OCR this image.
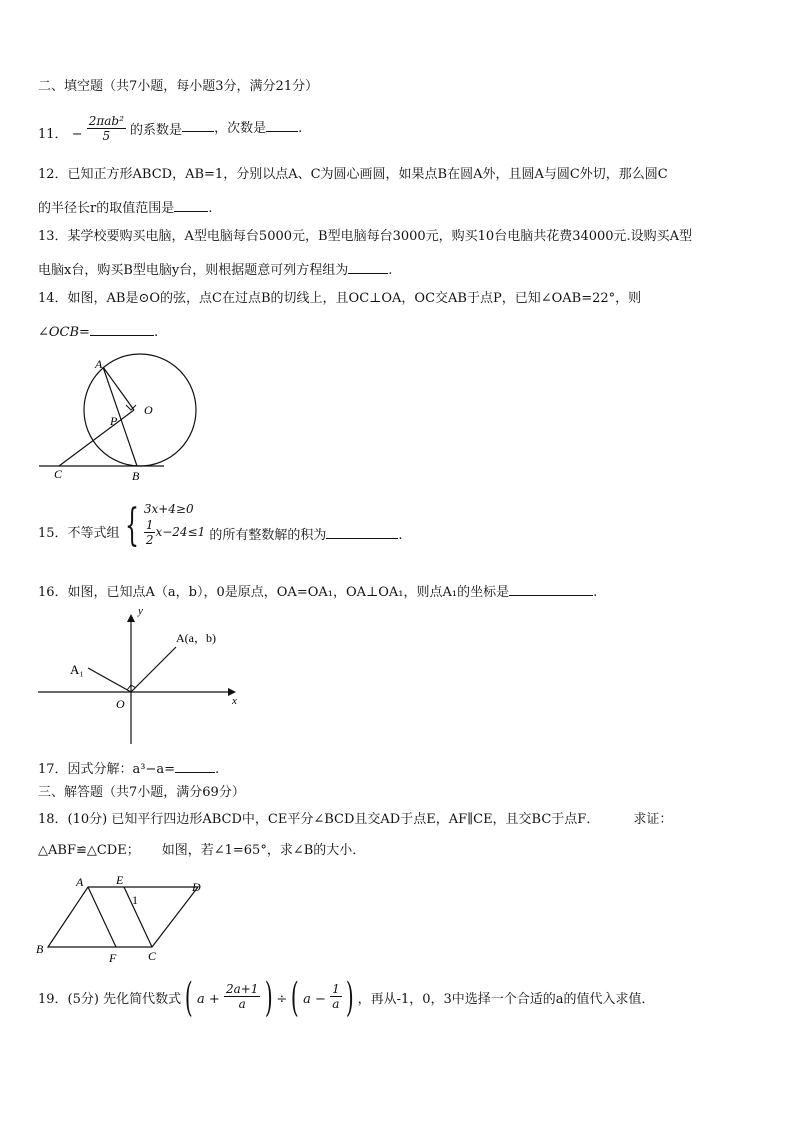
二、填空题（共7小题，每小题3分，满分21分）
11． − $\frac{\text{2πab²}}{5}$ 的系数是 ，次数是 .
12．已知正方形ABCD，AB=1，分别以点A、C为圆心画圆，如果点B在圆A外，且圆A与圆C外切，那么圆C
的半径长r的取值范围是	.
13．某学校要购买电脑，A型电脑每台5000元，B型电脑每台3000元，购买10台电脑共花费34000元.设购买A型
电脑x台，购买B型电脑y台，则根据题意可列方程组为	.
14．如图，AB是⊙O的弦，点C在过点B的切线上，且OC⊥OA，OC交AB于点P，已知∠OAB=22°，则
∠OCB=	.
A
O
P
C	B
15．不等式组 { 3x+4≥0
$\frac{1}{2} x-24\le 1$ 的所有整数解的积为	.
16．如图，已知点A（a，b），0是原点，OA=OA₁，OA⊥OA₁，则点A₁的坐标是	.
A(a，b)
A₁
O	x
y
17．因式分解：a³−a=	.
三、解答题（共7小题，满分69分）
18．(10分) 已知平行四边形ABCD中，CE平分∠BCD且交AD于点E，AF∥CE，且交BC于点F．	求证：
△ABF≌△CDE； 如图，若∠1=65°，求∠B的大小．
A	E
1
D
B
F	C
19．(5分) 先化简代数式 ( $a + \frac{2a+1}{a}$ ) ÷ ( $a - \frac{1}{a}$ ) ，再从-1，0，3中选择一个合适的a的值代入求值．
